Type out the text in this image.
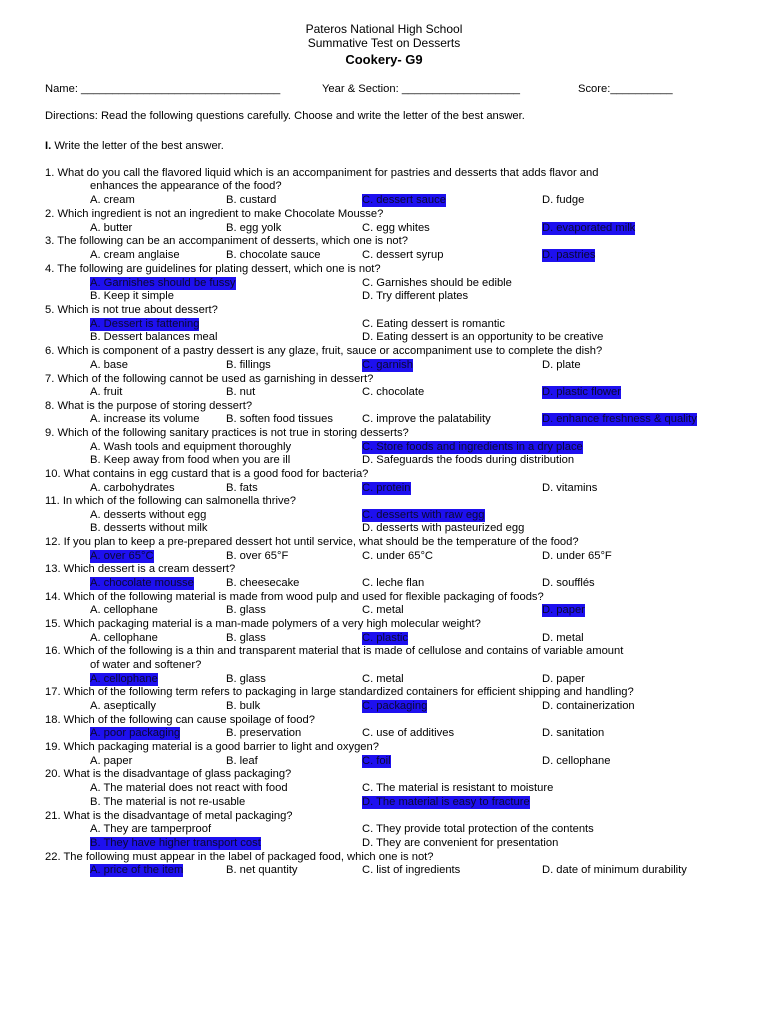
Pateros National High School
Summative Test on Desserts
Cookery- G9
Name: ________________________________	Year & Section: ___________________	Score:__________
Directions: Read the following questions carefully. Choose and write the letter of the best answer.
I. Write the letter of the best answer.
1. What do you call the flavored liquid which is an accompaniment for pastries and desserts that adds flavor and
enhances the appearance of the food?
A. cream	B. custard	C. dessert sauce	D. fudge
2. Which ingredient is not an ingredient to make Chocolate Mousse?
A. butter	B. egg yolk	C. egg whites	D. evaporated milk
3. The following can be an accompaniment of desserts, which one is not?
A. cream anglaise	B. chocolate sauce	C. dessert syrup	D. pastries
4. The following are guidelines for plating dessert, which one is not?
A. Garnishes should be fussy	C. Garnishes should be edible
B. Keep it simple	D. Try different plates
5. Which is not true about dessert?
A. Dessert is fattening	C. Eating dessert is romantic
B. Dessert balances meal	D. Eating dessert is an opportunity to be creative
6. Which is component of a pastry dessert is any glaze, fruit, sauce or accompaniment use to complete the dish?
A. base	B. fillings	C. garnish	D. plate
7. Which of the following cannot be used as garnishing in dessert?
A. fruit	B. nut	C. chocolate	D. plastic flower
8. What is the purpose of storing dessert?
A. increase its volume B. soften food tissues	C. improve the palatability	D. enhance freshness & quality
9. Which of the following sanitary practices is not true in storing desserts?
A. Wash tools and equipment thoroughly	C. Store foods and ingredients in a dry place
B. Keep away from food when you are ill	D. Safeguards the foods during distribution
10. What contains in egg custard that is a good food for bacteria?
A. carbohydrates	B. fats	C. protein	D. vitamins
11. In which of the following can salmonella thrive?
A. desserts without egg	C. desserts with raw egg
B. desserts without milk	D. desserts with pasteurized egg
12. If you plan to keep a pre-prepared dessert hot until service, what should be the temperature of the food?
A. over 65°C	B. over 65°F	C. under 65°C	D. under 65°F
13. Which dessert is a cream dessert?
A. chocolate mousse	B. cheesecake	C. leche flan	D. soufflés
14. Which of the following material is made from wood pulp and used for flexible packaging of foods?
A. cellophane	B. glass	C. metal	D. paper
15. Which packaging material is a man-made polymers of a very high molecular weight?
A. cellophane	B. glass	C. plastic	D. metal
16. Which of the following is a thin and transparent material that is made of cellulose and contains of variable amount
of water and softener?
A. cellophane	B. glass	C. metal	D. paper
17. Which of the following term refers to packaging in large standardized containers for efficient shipping and handling?
A. aseptically	B. bulk	C. packaging	D. containerization
18. Which of the following can cause spoilage of food?
A. poor packaging	B. preservation	C. use of additives	D. sanitation
19. Which packaging material is a good barrier to light and oxygen?
A. paper	B. leaf	C. foil	D. cellophane
20. What is the disadvantage of glass packaging?
A. The material does not react with food	C. The material is resistant to moisture
B. The material is not re-usable	D. The material is easy to fracture
21. What is the disadvantage of metal packaging?
A. They are tamperproof	C. They provide total protection of the contents
B. They have higher transport cost	D. They are convenient for presentation
22. The following must appear in the label of packaged food, which one is not?
A. price of the item	B. net quantity	C. list of ingredients	D. date of minimum durability
